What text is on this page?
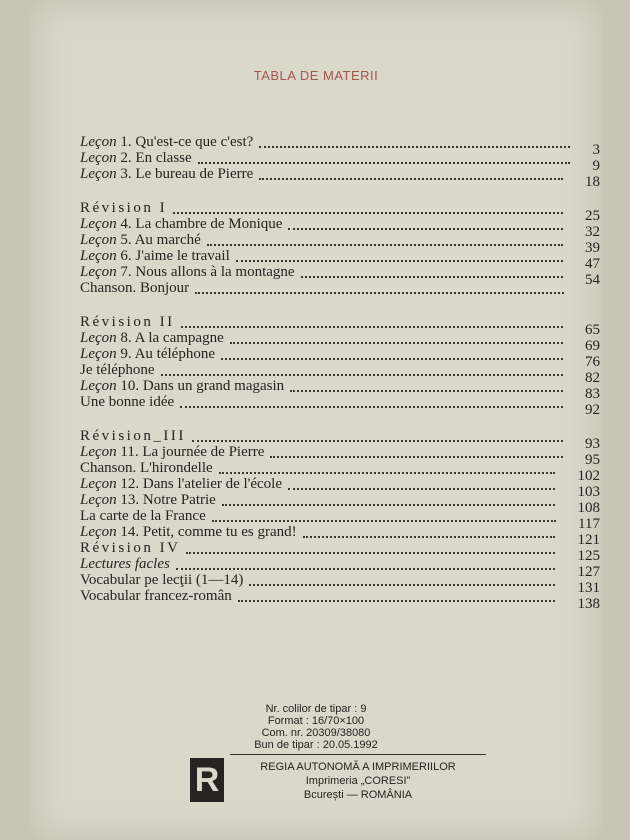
TABLA DE MATERII
Leçon 1. Qu'est-ce que c'est?	3
Leçon 2. En classe	9
Leçon 3. Le bureau de Pierre	18
Révision I	25
Leçon 4. La chambre de Monique	32
Leçon 5. Au marché	39
Leçon 6. J'aime le travail	47
Leçon 7. Nous allons à la montagne	54
Chanson. Bonjour
Révision II	65
Leçon 8. A la campagne	69
Leçon 9. Au téléphone	76
Je téléphone	82
Leçon 10. Dans un grand magasin	83
Une bonne idée	92
Révision_III	93
Leçon 11. La journée de Pierre	95
Chanson. L'hirondelle	102
Leçon 12. Dans l'atelier de l'école	103
Leçon 13. Notre Patrie	108
La carte de la France	117
Leçon 14. Petit, comme tu es grand!	121
Révision IV	125
Lectures facles	127
Vocabular pe lecţii (1—14)	131
Vocabular francez-român	138
Nr. colilor de tipar : 9
Format : 16/70×100
Com. nr. 20309/38080
Bun de tipar : 20.05.1992
R	REGIA AUTONOMĂ A IMPRIMERIILOR
Imprimeria „CORESI”
Bcurești — ROMÂNIA
